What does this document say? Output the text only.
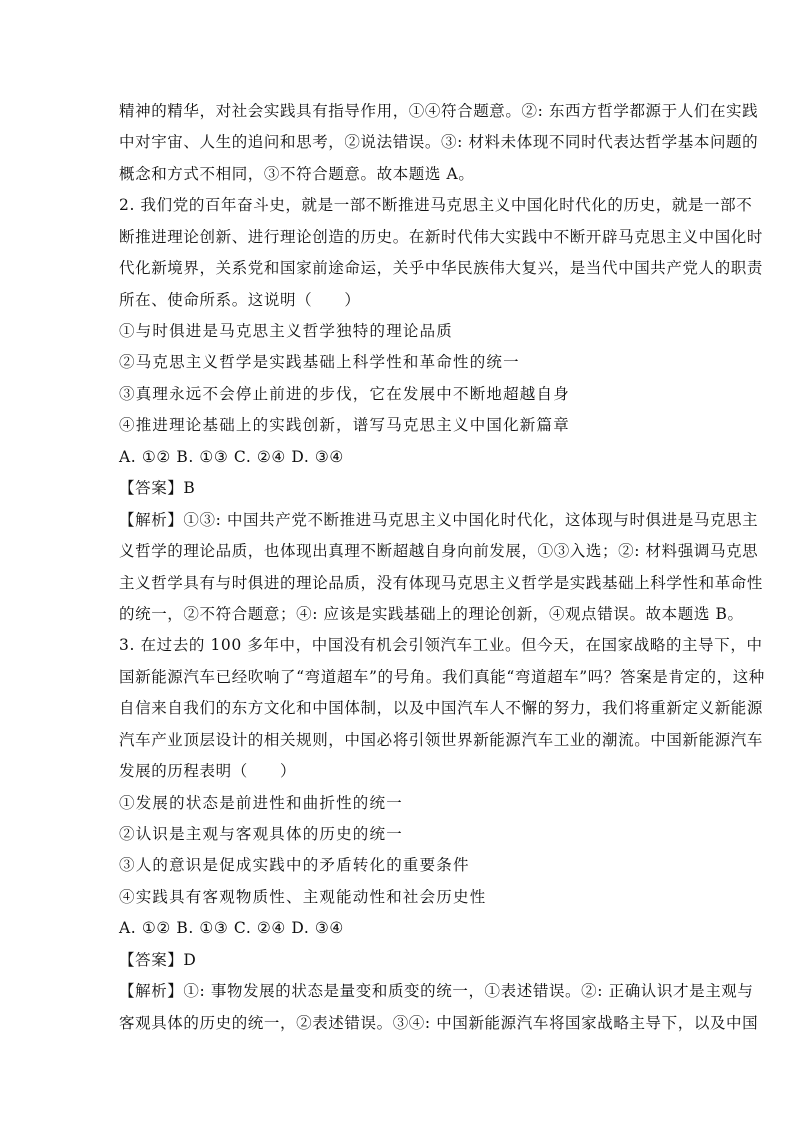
精神的精华，对社会实践具有指导作用，①④符合题意。②: 东西方哲学都源于人们在实践
中对宇宙、人生的追问和思考，②说法错误。③: 材料未体现不同时代表达哲学基本问题的
概念和方式不相同，③不符合题意。故本题选 A。
2. 我们党的百年奋斗史，就是一部不断推进马克思主义中国化时代化的历史，就是一部不
断推进理论创新、进行理论创造的历史。在新时代伟大实践中不断开辟马克思主义中国化时
代化新境界，关系党和国家前途命运，关乎中华民族伟大复兴，是当代中国共产党人的职责
所在、使命所系。这说明（　　）
①与时俱进是马克思主义哲学独特的理论品质
②马克思主义哲学是实践基础上科学性和革命性的统一
③真理永远不会停止前进的步伐，它在发展中不断地超越自身
④推进理论基础上的实践创新，谱写马克思主义中国化新篇章
A. ①② B. ①③ C. ②④ D. ③④
【答案】B
【解析】①③: 中国共产党不断推进马克思主义中国化时代化，这体现与时俱进是马克思主
义哲学的理论品质，也体现出真理不断超越自身向前发展，①③入选；②: 材料强调马克思
主义哲学具有与时俱进的理论品质，没有体现马克思主义哲学是实践基础上科学性和革命性
的统一，②不符合题意；④: 应该是实践基础上的理论创新，④观点错误。故本题选 B。
3. 在过去的 100 多年中，中国没有机会引领汽车工业。但今天，在国家战略的主导下，中
国新能源汽车已经吹响了“弯道超车”的号角。我们真能“弯道超车”吗？答案是肯定的，这种
自信来自我们的东方文化和中国体制，以及中国汽车人不懈的努力，我们将重新定义新能源
汽车产业顶层设计的相关规则，中国必将引领世界新能源汽车工业的潮流。中国新能源汽车
发展的历程表明（　　）
①发展的状态是前进性和曲折性的统一
②认识是主观与客观具体的历史的统一
③人的意识是促成实践中的矛盾转化的重要条件
④实践具有客观物质性、主观能动性和社会历史性
A. ①② B. ①③ C. ②④ D. ③④
【答案】D
【解析】①: 事物发展的状态是量变和质变的统一，①表述错误。②: 正确认识才是主观与
客观具体的历史的统一，②表述错误。③④: 中国新能源汽车将国家战略主导下，以及中国
